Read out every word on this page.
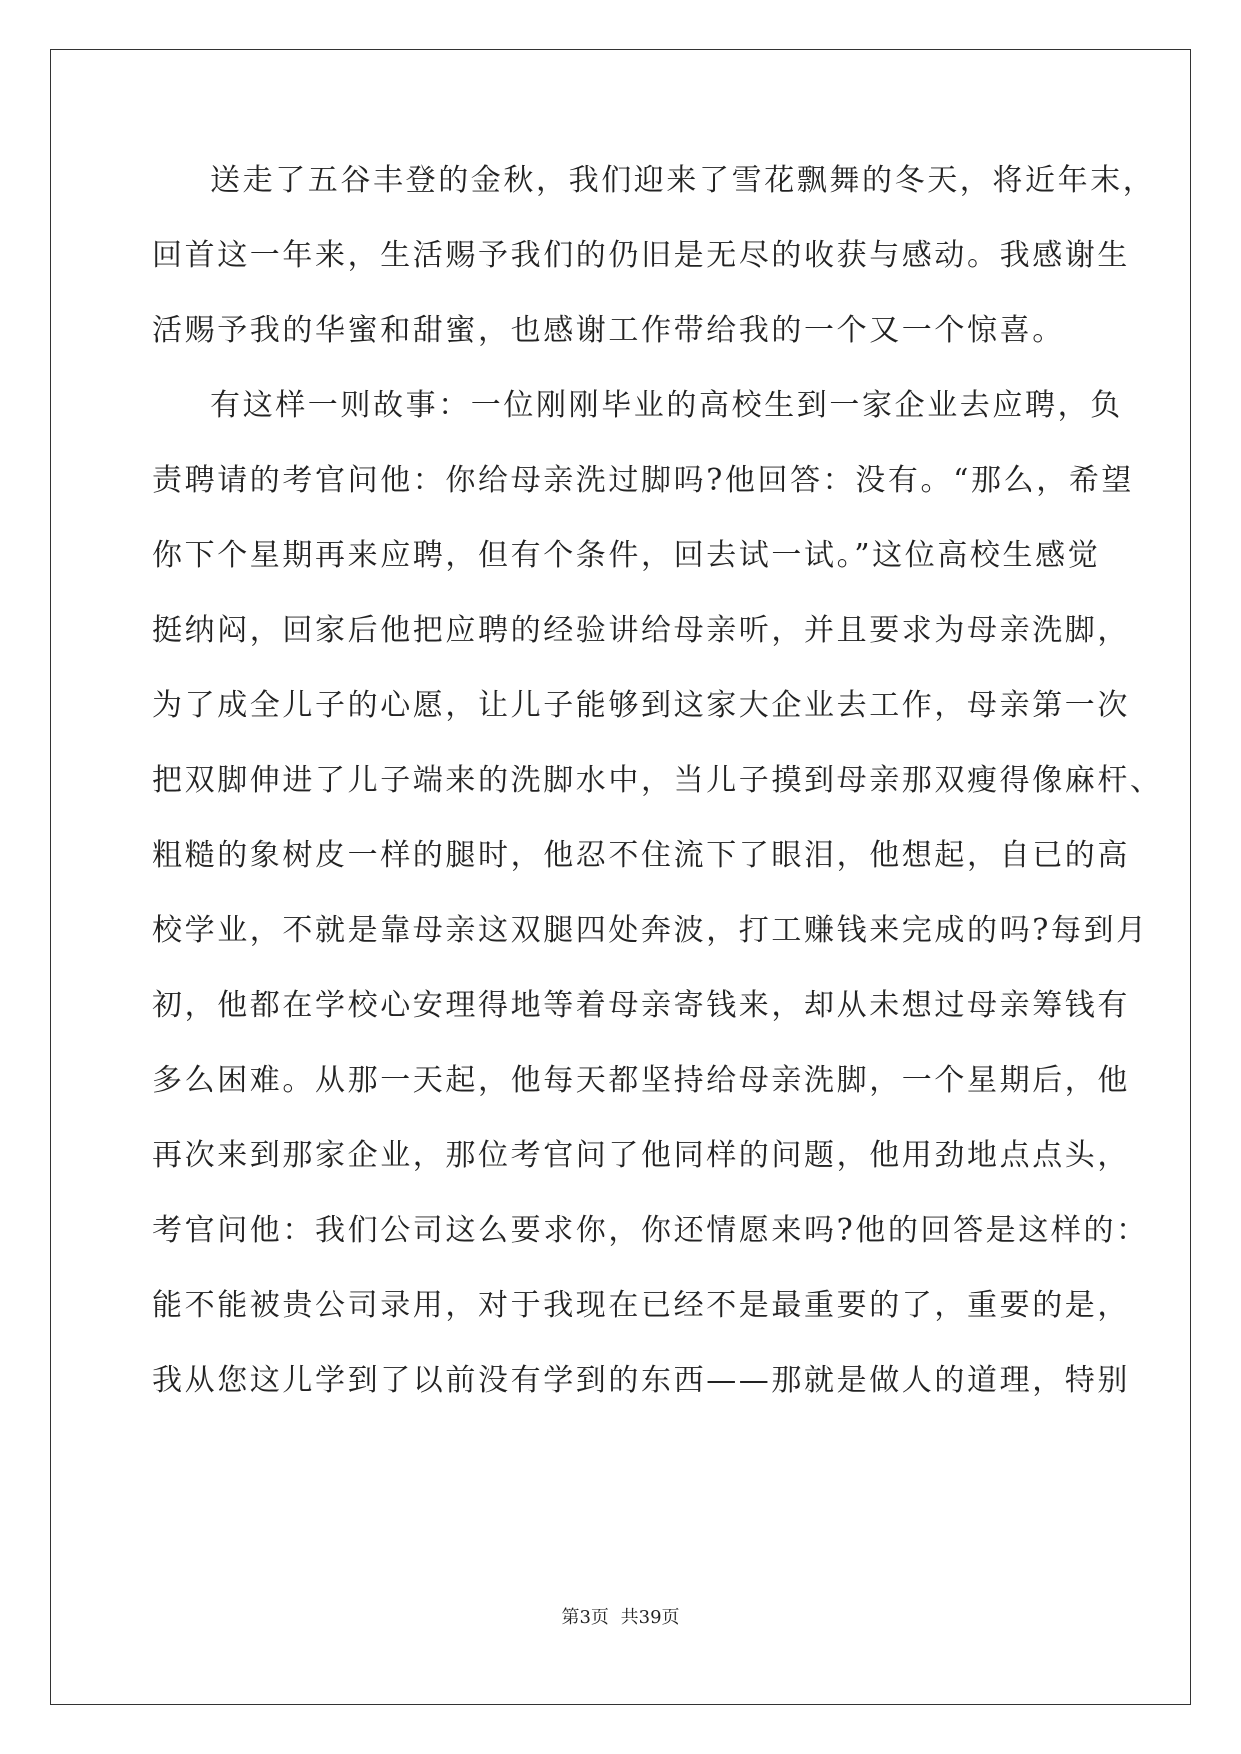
送走了五谷丰登的金秋，我们迎来了雪花飘舞的冬天，将近年末，
回首这一年来，生活赐予我们的仍旧是无尽的收获与感动。我感谢生
活赐予我的华蜜和甜蜜，也感谢工作带给我的一个又一个惊喜。
有这样一则故事：一位刚刚毕业的高校生到一家企业去应聘，负
责聘请的考官问他：你给母亲洗过脚吗?他回答：没有。“那么，希望
你下个星期再来应聘，但有个条件，回去试一试。”这位高校生感觉
挺纳闷，回家后他把应聘的经验讲给母亲听，并且要求为母亲洗脚，
为了成全儿子的心愿，让儿子能够到这家大企业去工作，母亲第一次
把双脚伸进了儿子端来的洗脚水中，当儿子摸到母亲那双瘦得像麻杆、
粗糙的象树皮一样的腿时，他忍不住流下了眼泪，他想起，自已的高
校学业，不就是靠母亲这双腿四处奔波，打工赚钱来完成的吗?每到月
初，他都在学校心安理得地等着母亲寄钱来，却从未想过母亲筹钱有
多么困难。从那一天起，他每天都坚持给母亲洗脚，一个星期后，他
再次来到那家企业，那位考官问了他同样的问题，他用劲地点点头，
考官问他：我们公司这么要求你，你还情愿来吗?他的回答是这样的：
能不能被贵公司录用，对于我现在已经不是最重要的了，重要的是，
我从您这儿学到了以前没有学到的东西——那就是做人的道理，特别
第3页 共39页
